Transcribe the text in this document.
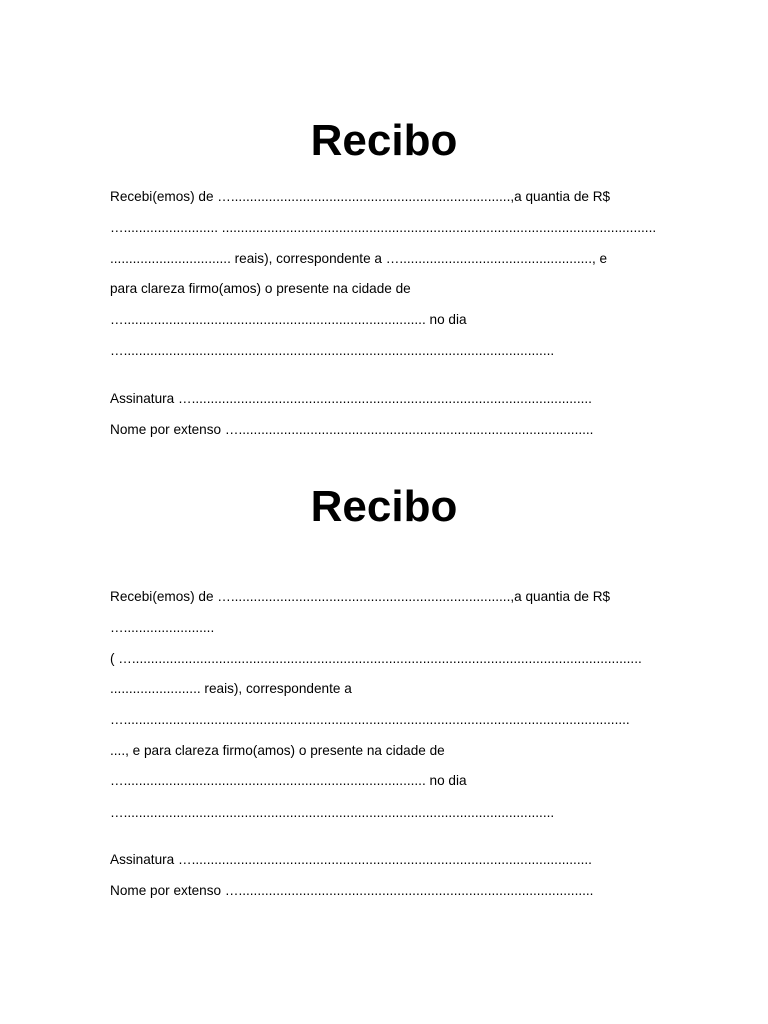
Recibo
Recebi(emos) de …..........................................................................,a quantia de R$
…......................... ...................................................................................................................
................................ reais), correspondente a …..................................................., e
para clareza firmo(amos) o presente na cidade de
…................................................................................ no dia
…..................................................................................................................
Assinatura …..........................................................................................................
Nome por extenso …..............................................................................................
Recibo
Recebi(emos) de …..........................................................................,a quantia de R$
…........................
( ….......................................................................................................................................
........................ reais), correspondente a
…......................................................................................................................................
...., e para clareza firmo(amos) o presente na cidade de
…................................................................................ no dia
…..................................................................................................................
Assinatura …..........................................................................................................
Nome por extenso …..............................................................................................
